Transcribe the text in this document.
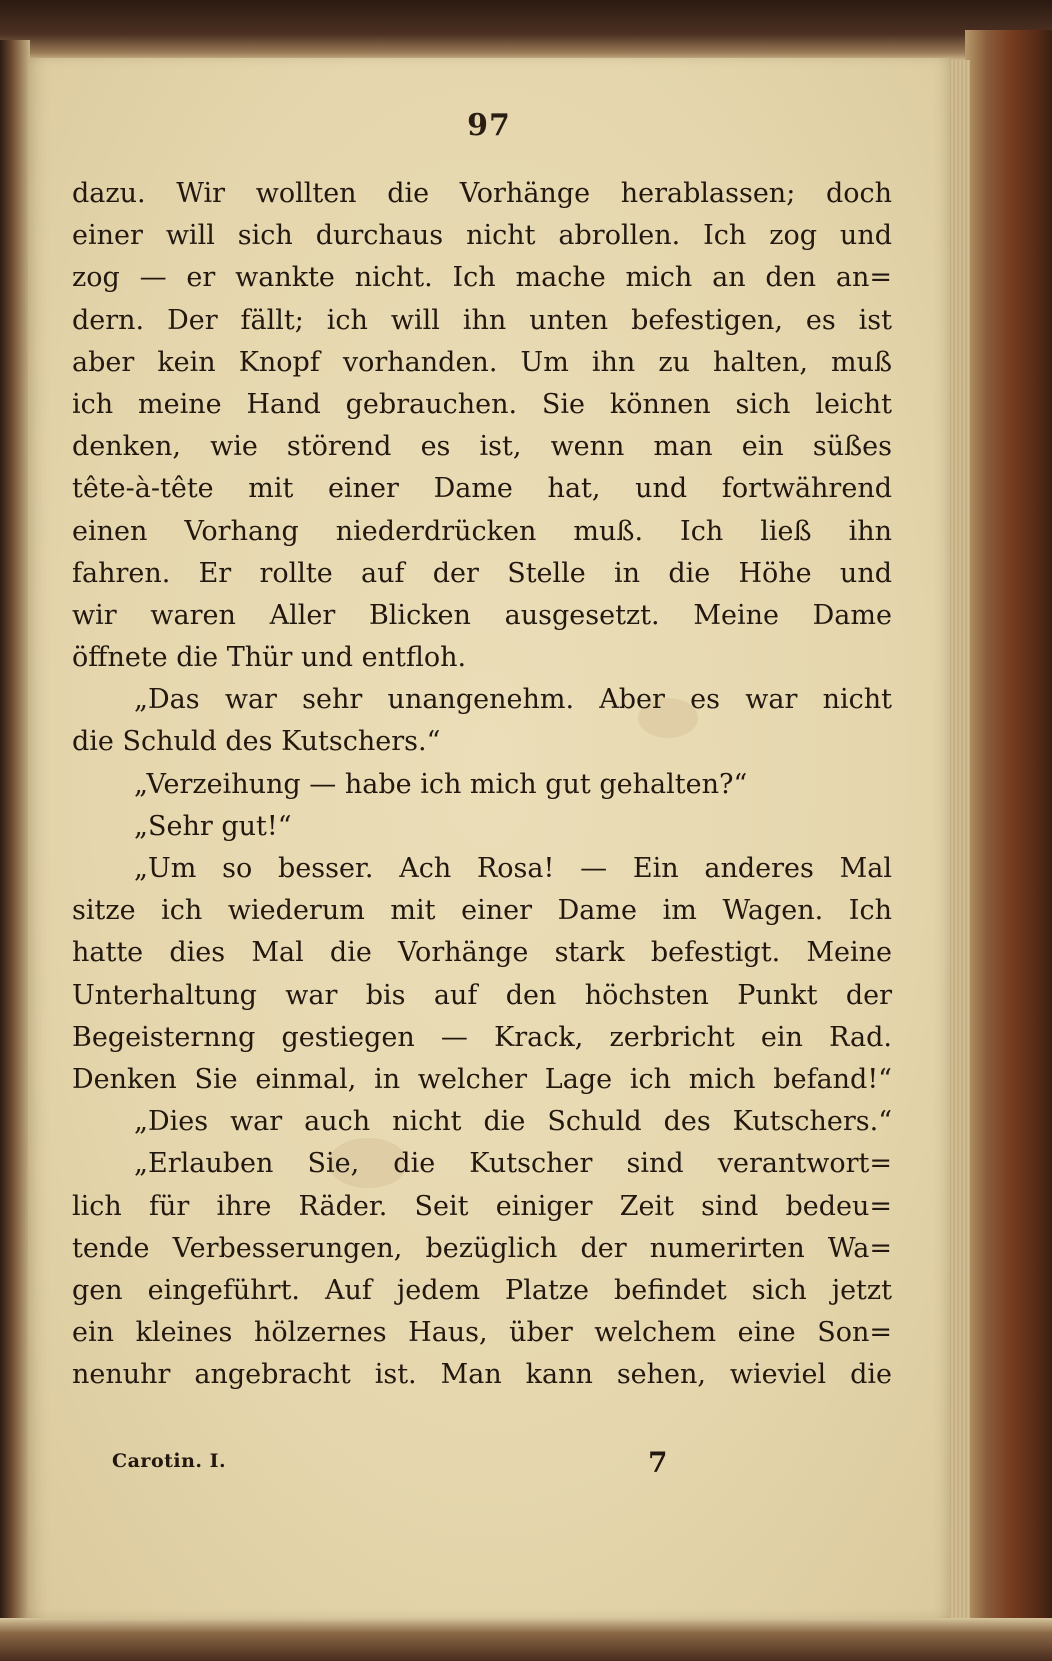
97
dazu. Wir wollten die Vorhänge herablassen; doch
einer will sich durchaus nicht abrollen. Ich zog und
zog — er wankte nicht. Ich mache mich an den an=
dern. Der fällt; ich will ihn unten befestigen, es ist
aber kein Knopf vorhanden. Um ihn zu halten, muß
ich meine Hand gebrauchen. Sie können sich leicht
denken, wie störend es ist, wenn man ein süßes
tête-à-tête mit einer Dame hat, und fortwährend
einen Vorhang niederdrücken muß. Ich ließ ihn
fahren. Er rollte auf der Stelle in die Höhe und
wir waren Aller Blicken ausgesetzt. Meine Dame
öffnete die Thür und entfloh.
„Das war sehr unangenehm. Aber es war nicht
die Schuld des Kutschers.“
„Verzeihung — habe ich mich gut gehalten?“
„Sehr gut!“
„Um so besser. Ach Rosa! — Ein anderes Mal
sitze ich wiederum mit einer Dame im Wagen. Ich
hatte dies Mal die Vorhänge stark befestigt. Meine
Unterhaltung war bis auf den höchsten Punkt der
Begeisternng gestiegen — Krack, zerbricht ein Rad.
Denken Sie einmal, in welcher Lage ich mich befand!“
„Dies war auch nicht die Schuld des Kutschers.“
„Erlauben Sie, die Kutscher sind verantwort=
lich für ihre Räder. Seit einiger Zeit sind bedeu=
tende Verbesserungen, bezüglich der numerirten Wa=
gen eingeführt. Auf jedem Platze befindet sich jetzt
ein kleines hölzernes Haus, über welchem eine Son=
nenuhr angebracht ist. Man kann sehen, wieviel die
Carotin. I.	7
